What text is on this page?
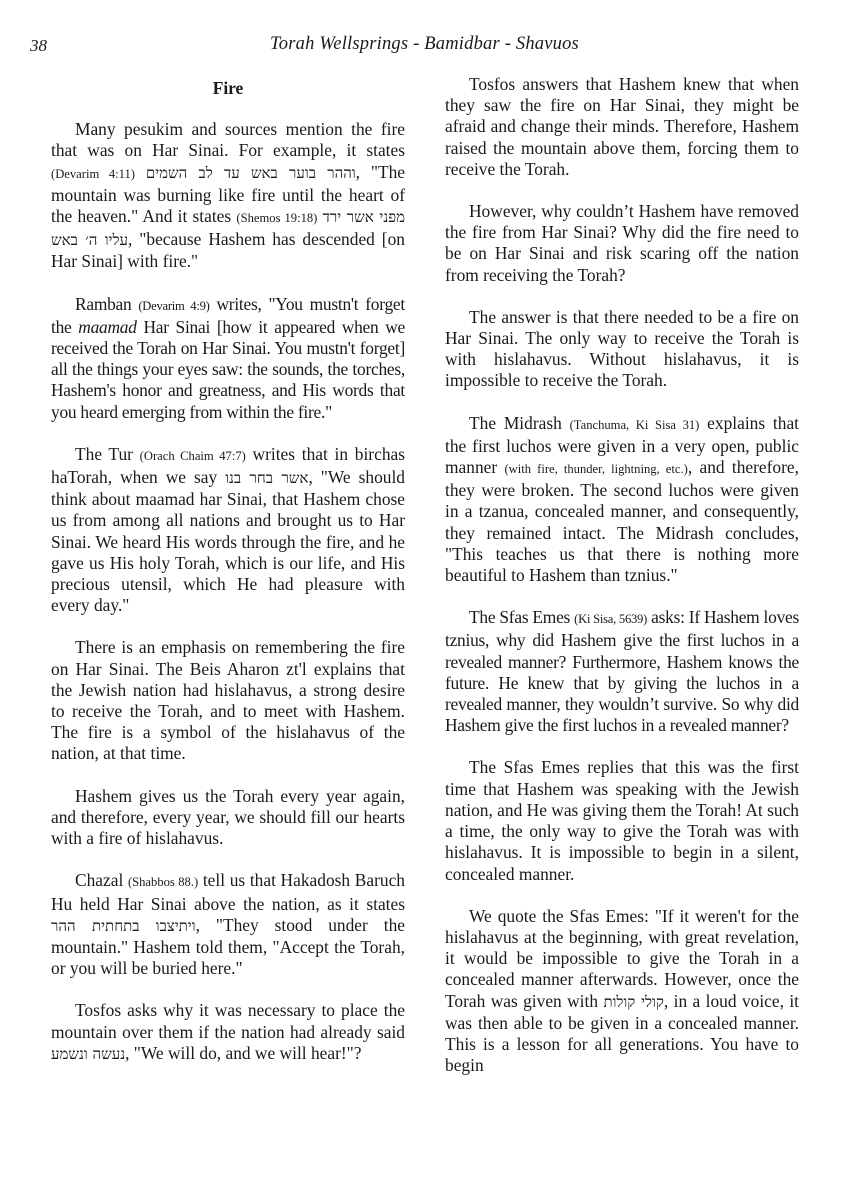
38	Torah Wellsprings - Bamidbar - Shavuos
Fire

Many pesukim and sources mention the fire that was on Har Sinai. For example, it states (Devarim 4:11) וההר בוער באש עד לב השמים, "The mountain was burning like fire until the heart of the heaven." And it states (Shemos 19:18) מפני אשר ירד עליו ה׳ באש, "because Hashem has descended [on Har Sinai] with fire."

Ramban (Devarim 4:9) writes, "You mustn't forget the maamad Har Sinai [how it appeared when we received the Torah on Har Sinai. You mustn't forget] all the things your eyes saw: the sounds, the torches, Hashem's honor and greatness, and His words that you heard emerging from within the fire."

The Tur (Orach Chaim 47:7) writes that in birchas haTorah, when we say אשר בחר בנו, "We should think about maamad har Sinai, that Hashem chose us from among all nations and brought us to Har Sinai. We heard His words through the fire, and he gave us His holy Torah, which is our life, and His precious utensil, which He had pleasure with every day."

There is an emphasis on remembering the fire on Har Sinai. The Beis Aharon zt'l explains that the Jewish nation had hislahavus, a strong desire to receive the Torah, and to meet with Hashem. The fire is a symbol of the hislahavus of the nation, at that time.

Hashem gives us the Torah every year again, and therefore, every year, we should fill our hearts with a fire of hislahavus.

Chazal (Shabbos 88.) tell us that Hakadosh Baruch Hu held Har Sinai above the nation, as it states ויתיצבו בתחתית ההר, "They stood under the mountain." Hashem told them, "Accept the Torah, or you will be buried here."

Tosfos asks why it was necessary to place the mountain over them if the nation had already said נעשה ונשמע, "We will do, and we will hear!"?

Tosfos answers that Hashem knew that when they saw the fire on Har Sinai, they might be afraid and change their minds. Therefore, Hashem raised the mountain above them, forcing them to receive the Torah.

However, why couldn’t Hashem have removed the fire from Har Sinai? Why did the fire need to be on Har Sinai and risk scaring off the nation from receiving the Torah?

The answer is that there needed to be a fire on Har Sinai. The only way to receive the Torah is with hislahavus. Without hislahavus, it is impossible to receive the Torah.

The Midrash (Tanchuma, Ki Sisa 31) explains that the first luchos were given in a very open, public manner (with fire, thunder, lightning, etc.), and therefore, they were broken. The second luchos were given in a tzanua, concealed manner, and consequently, they remained intact. The Midrash concludes, "This teaches us that there is nothing more beautiful to Hashem than tznius."

The Sfas Emes (Ki Sisa, 5639) asks: If Hashem loves tznius, why did Hashem give the first luchos in a revealed manner? Furthermore, Hashem knows the future. He knew that by giving the luchos in a revealed manner, they wouldn’t survive. So why did Hashem give the first luchos in a revealed manner?

The Sfas Emes replies that this was the first time that Hashem was speaking with the Jewish nation, and He was giving them the Torah! At such a time, the only way to give the Torah was with hislahavus. It is impossible to begin in a silent, concealed manner.

We quote the Sfas Emes: "If it weren't for the hislahavus at the beginning, with great revelation, it would be impossible to give the Torah in a concealed manner afterwards. However, once the Torah was given with קולי קולות, in a loud voice, it was then able to be given in a concealed manner. This is a lesson for all generations. You have to begin
